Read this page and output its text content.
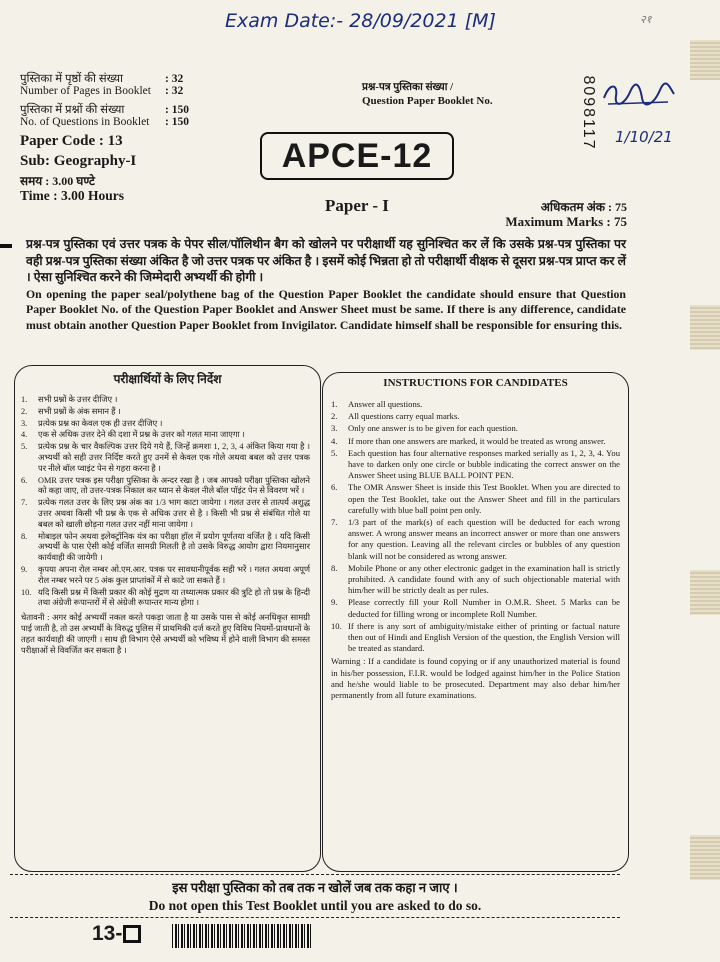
Exam Date:- 28/09/2021 [M]	२१
पुस्तिका में पृष्ठों की संख्या	: 32
Number of Pages in Booklet	: 32
पुस्तिका में प्रश्नों की संख्या	: 150
No. of Questions in Booklet	: 150
Paper Code : 13
Sub: Geography-I
समय : 3.00 घण्टे
Time : 3.00 Hours
प्रश्न-पत्र पुस्तिका संख्या /
Question Paper Booklet No.	8098117 1/10/21
APCE-12
Paper - I	अधिकतम अंक : 75
Maximum Marks : 75
प्रश्न-पत्र पुस्तिका एवं उत्तर पत्रक के पेपर सील/पॉलिथीन बैग को खोलने पर परीक्षार्थी यह सुनिश्चित कर लें कि उसके प्रश्न-पत्र पुस्तिका पर वही प्रश्न-पत्र पुस्तिका संख्या अंकित है जो उत्तर पत्रक पर अंकित है । इसमें कोई भिन्नता हो तो परीक्षार्थी वीक्षक से दूसरा प्रश्न-पत्र प्राप्त कर लें । ऐसा सुनिश्चित करने की जिम्मेदारी अभ्यर्थी की होगी ।
On opening the paper seal/polythene bag of the Question Paper Booklet the candidate should ensure that Question Paper Booklet No. of the Question Paper Booklet and Answer Sheet must be same. If there is any difference, candidate must obtain another Question Paper Booklet from Invigilator. Candidate himself shall be responsible for ensuring this.
परीक्षार्थियों के लिए निर्देश
1.	सभी प्रश्नों के उत्तर दीजिए ।
2.	सभी प्रश्नों के अंक समान हैं ।
3.	प्रत्येक प्रश्न का केवल एक ही उत्तर दीजिए ।
4.	एक से अधिक उत्तर देने की दशा में प्रश्न के उत्तर को गलत माना जाएगा ।
5.	प्रत्येक प्रश्न के चार वैकल्पिक उत्तर दिये गये हैं, जिन्हें क्रमशः 1, 2, 3, 4 अंकित किया गया है । अभ्यर्थी को सही उत्तर निर्दिष्ट करते हुए उनमें से केवल एक गोले अथवा बबल को उत्तर पत्रक पर नीले बॉल प्वाइंट पेन से गहरा करना है ।
6.	OMR उत्तर पत्रक इस परीक्षा पुस्तिका के अन्दर रखा है । जब आपको परीक्षा पुस्तिका खोलने को कहा जाए, तो उत्तर-पत्रक निकाल कर ध्यान से केवल नीले बॉल पॉइंट पेन से विवरण भरें ।
7.	प्रत्येक गलत उत्तर के लिए प्रश्न अंक का 1/3 भाग काटा जायेगा । गलत उत्तर से तात्पर्य अशुद्ध उत्तर अथवा किसी भी प्रश्न के एक से अधिक उत्तर से है । किसी भी प्रश्न से संबंधित गोले या बबल को खाली छोड़ना गलत उत्तर नहीं माना जायेगा ।
8.	मोबाइल फोन अथवा इलेक्ट्रॉनिक यंत्र का परीक्षा हॉल में प्रयोग पूर्णतया वर्जित है । यदि किसी अभ्यर्थी के पास ऐसी कोई वर्जित सामग्री मिलती है तो उसके विरुद्ध आयोग द्वारा नियमानुसार कार्यवाही की जायेगी ।
9.	कृपया अपना रोल नम्बर ओ.एम.आर. पत्रक पर सावधानीपूर्वक सही भरें । गलत अथवा अपूर्ण रोल नम्बर भरने पर 5 अंक कुल प्राप्तांकों में से काटे जा सकते हैं ।
10. यदि किसी प्रश्न में किसी प्रकार की कोई मुद्रण या तथ्यात्मक प्रकार की त्रुटि हो तो प्रश्न के हिन्दी तथा अंग्रेजी रूपान्तरों में से अंग्रेजी रूपान्तर मान्य होगा ।
चेतावनी : अगर कोई अभ्यर्थी नकल करते पकड़ा जाता है या उसके पास से कोई अनधिकृत सामग्री पाई जाती है, तो उस अभ्यर्थी के विरुद्ध पुलिस में प्राथमिकी दर्ज करते हुए विविध नियमों-प्रावधानों के तहत कार्यवाही की जाएगी । साथ ही विभाग ऐसे अभ्यर्थी को भविष्य में होने वाली विभाग की समस्त परीक्षाओं से विवर्जित कर सकता है ।
INSTRUCTIONS FOR CANDIDATES
1.	Answer all questions.
2.	All questions carry equal marks.
3.	Only one answer is to be given for each question.
4.	If more than one answers are marked, it would be treated as wrong answer.
5.	Each question has four alternative responses marked serially as 1, 2, 3, 4. You have to darken only one circle or bubble indicating the correct answer on the Answer Sheet using BLUE BALL POINT PEN.
6.	The OMR Answer Sheet is inside this Test Booklet. When you are directed to open the Test Booklet, take out the Answer Sheet and fill in the particulars carefully with blue ball point pen only.
7.	1/3 part of the mark(s) of each question will be deducted for each wrong answer. A wrong answer means an incorrect answer or more than one answers for any question. Leaving all the relevant circles or bubbles of any question blank will not be considered as wrong answer.
8.	Mobile Phone or any other electronic gadget in the examination hall is strictly prohibited. A candidate found with any of such objectionable material with him/her will be strictly dealt as per rules.
9.	Please correctly fill your Roll Number in O.M.R. Sheet. 5 Marks can be deducted for filling wrong or incomplete Roll Number.
10. If there is any sort of ambiguity/mistake either of printing or factual nature then out of Hindi and English Version of the question, the English Version will be treated as standard.
Warning : If a candidate is found copying or if any unauthorized material is found in his/her possession, F.I.R. would be lodged against him/her in the Police Station and he/she would liable to be prosecuted. Department may also debar him/her permanently from all future examinations.
इस परीक्षा पुस्तिका को तब तक न खोलें जब तक कहा न जाए ।
Do not open this Test Booklet until you are asked to do so.
13-
